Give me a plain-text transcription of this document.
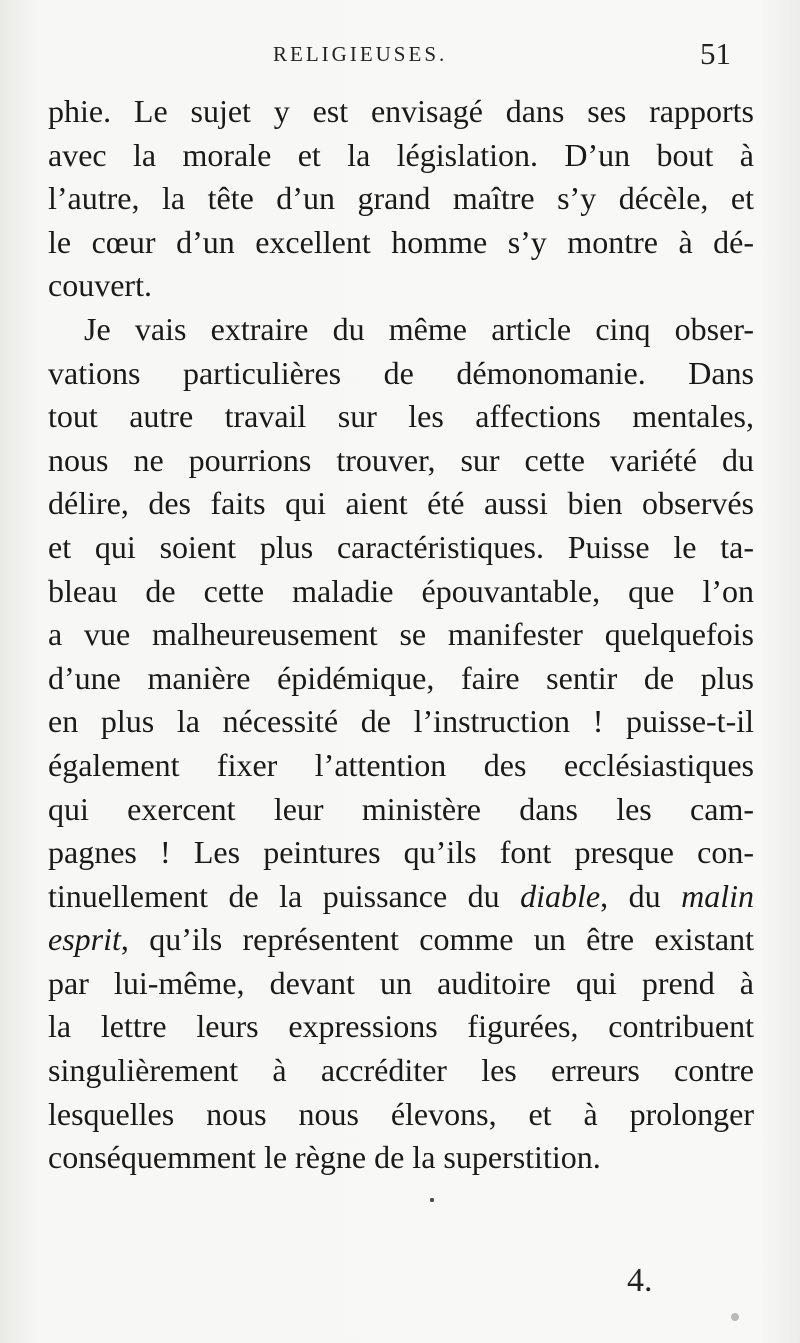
RELIGIEUSES.	51
phie. Le sujet y est envisagé dans ses rapports
avec la morale et la législation. D’un bout à
l’autre, la tête d’un grand maître s’y décèle, et
le cœur d’un excellent homme s’y montre à dé-
couvert.
Je vais extraire du même article cinq obser-
vations particulières de démonomanie. Dans
tout autre travail sur les affections mentales,
nous ne pourrions trouver, sur cette variété du
délire, des faits qui aient été aussi bien observés
et qui soient plus caractéristiques. Puisse le ta-
bleau de cette maladie épouvantable, que l’on
a vue malheureusement se manifester quelquefois
d’une manière épidémique, faire sentir de plus
en plus la nécessité de l’instruction ! puisse-t-il
également fixer l’attention des ecclésiastiques
qui exercent leur ministère dans les cam-
pagnes ! Les peintures qu’ils font presque con-
tinuellement de la puissance du diable, du malin
esprit, qu’ils représentent comme un être existant
par lui-même, devant un auditoire qui prend à
la lettre leurs expressions figurées, contribuent
singulièrement à accréditer les erreurs contre
lesquelles nous nous élevons, et à prolonger
conséquemment le règne de la superstition.
4.
